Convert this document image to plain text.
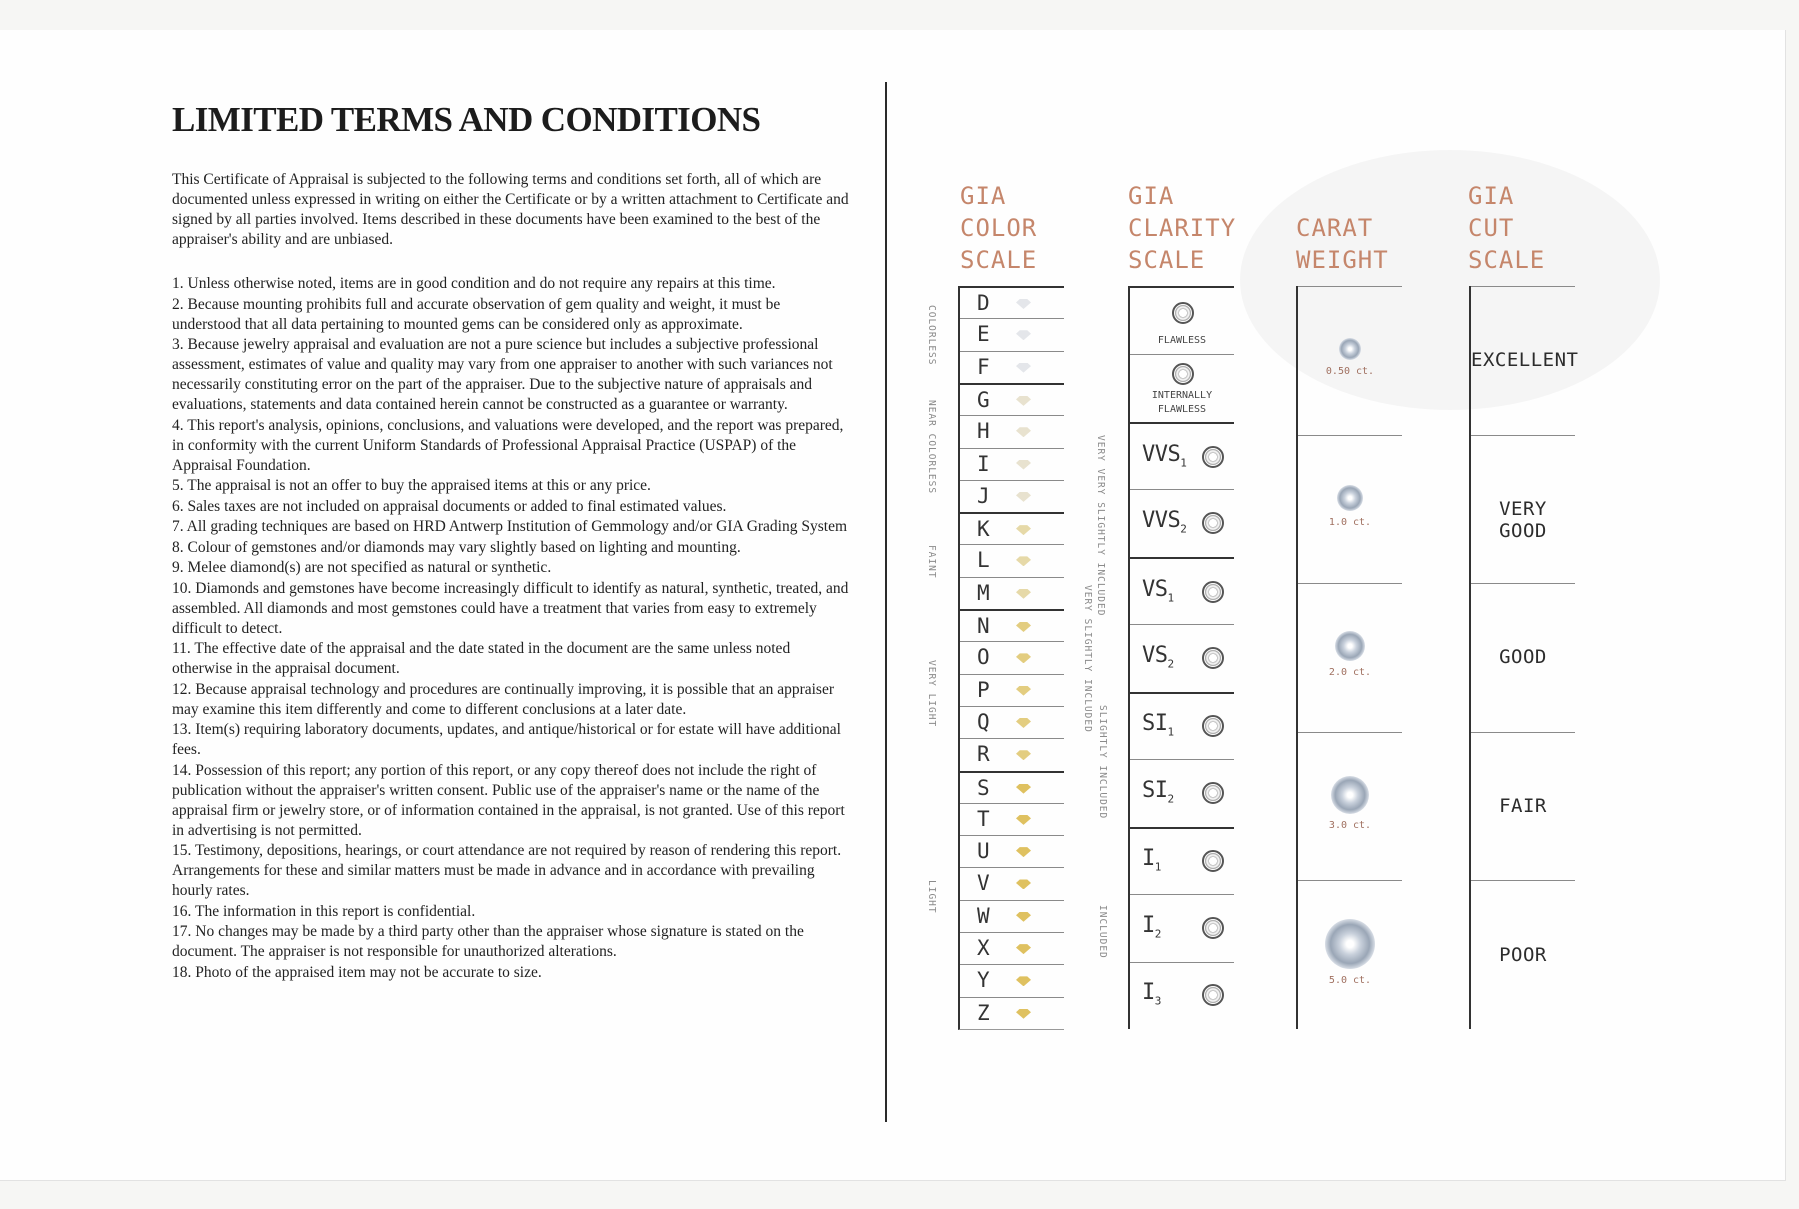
LIMITED TERMS AND CONDITIONS

This Certificate of Appraisal is subjected to the following terms and conditions set forth, all of which are documented unless expressed in writing on either the Certificate or by a written attachment to Certificate and signed by all parties involved. Items described in these documents have been examined to the best of the appraiser's ability and are unbiased.

1. Unless otherwise noted, items are in good condition and do not require any repairs at this time.
2. Because mounting prohibits full and accurate observation of gem quality and weight, it must be understood that all data pertaining to mounted gems can be considered only as approximate.
3. Because jewelry appraisal and evaluation are not a pure science but includes a subjective professional assessment, estimates of value and quality may vary from one appraiser to another with such variances not necessarily constituting error on the part of the appraiser. Due to the subjective nature of appraisals and evaluations, statements and data contained herein cannot be constructed as a guarantee or warranty.
4. This report's analysis, opinions, conclusions, and valuations were developed, and the report was prepared, in conformity with the current Uniform Standards of Professional Appraisal Practice (USPAP) of the Appraisal Foundation.
5. The appraisal is not an offer to buy the appraised items at this or any price.
6. Sales taxes are not included on appraisal documents or added to final estimated values.
7. All grading techniques are based on HRD Antwerp Institution of Gemmology and/or GIA Grading System
8. Colour of gemstones and/or diamonds may vary slightly based on lighting and mounting.
9. Melee diamond(s) are not specified as natural or synthetic.
10. Diamonds and gemstones have become increasingly difficult to identify as natural, synthetic, treated, and assembled. All diamonds and most gemstones could have a treatment that varies from easy to extremely difficult to detect.
11. The effective date of the appraisal and the date stated in the document are the same unless noted otherwise in the appraisal document.
12. Because appraisal technology and procedures are continually improving, it is possible that an appraiser may examine this item differently and come to different conclusions at a later date.
13. Item(s) requiring laboratory documents, updates, and antique/historical or for estate will have additional fees.
14. Possession of this report; any portion of this report, or any copy thereof does not include the right of publication without the appraiser's written consent. Public use of the appraiser's name or the name of the appraisal firm or jewelry store, or of information contained in the appraisal, is not granted. Use of this report in advertising is not permitted.
15. Testimony, depositions, hearings, or court attendance are not required by reason of rendering this report. Arrangements for these and similar matters must be made in advance and in accordance with prevailing hourly rates.
16. The information in this report is confidential.
17. No changes may be made by a third party other than the appraiser whose signature is stated on the document. The appraiser is not responsible for unauthorized alterations.
18. Photo of the appraised item may not be accurate to size.
GIA
COLOR
SCALE
GIA
CLARITY
SCALE
CARAT
WEIGHT
GIA
CUT
SCALE
D
E
F
G
H
I
J
K
L
M
N
O
P
Q
R
S
T
U
V
W
X
Y
Z
COLORLESS
NEAR COLORLESS
FAINT
VERY LIGHT
LIGHT
FLAWLESS
INTERNALLY
FLAWLESS
$VVS_1$
$VVS_2$
$VS_1$
$VS_2$
$SI_1$
$SI_2$
$I_1$
$I_2$
$I_3$
VERY VERY SLIGHTLY INCLUDED
VERY SLIGHTLY INCLUDED
SLIGHTLY INCLUDED
INCLUDED
0.50 ct.
1.0 ct.
2.0 ct.
3.0 ct.
5.0 ct.
EXCELLENT
VERY GOOD
GOOD
FAIR
POOR
